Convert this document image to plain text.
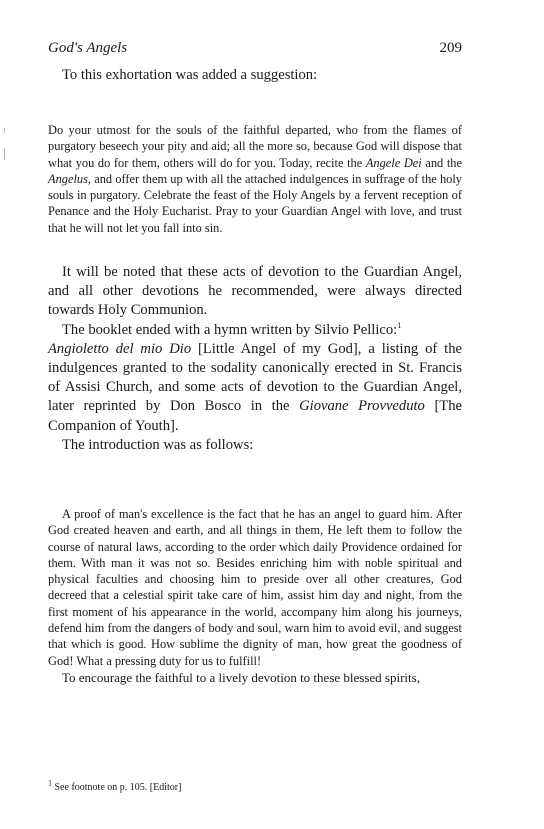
God's Angels	209

To this exhortation was added a suggestion:

Do your utmost for the souls of the faithful departed, who from the flames of purgatory beseech your pity and aid; all the more so, because God will dispose that what you do for them, others will do for you. Today, recite the Angele Dei and the Angelus, and offer them up with all the attached indulgences in suffrage of the holy souls in purgatory. Celebrate the feast of the Holy Angels by a fervent reception of Penance and the Holy Eucharist. Pray to your Guardian Angel with love, and trust that he will not let you fall into sin.

It will be noted that these acts of devotion to the Guardian Angel, and all other devotions he recommended, were always directed towards Holy Communion.

The booklet ended with a hymn written by Silvio Pellico:$^1$
Angioletto del mio Dio [Little Angel of my God], a listing of the indulgences granted to the sodality canonically erected in St. Francis of Assisi Church, and some acts of devotion to the Guardian Angel, later reprinted by Don Bosco in the Giovane Provveduto [The Companion of Youth].

The introduction was as follows:

A proof of man's excellence is the fact that he has an angel to guard him. After God created heaven and earth, and all things in them, He left them to follow the course of natural laws, according to the order which daily Providence ordained for them. With man it was not so. Besides enriching him with noble spiritual and physical faculties and choosing him to preside over all other creatures, God decreed that a celestial spirit take care of him, assist him day and night, from the first moment of his appearance in the world, accompany him along his journeys, defend him from the dangers of body and soul, warn him to avoid evil, and suggest that which is good. How sublime the dignity of man, how great the goodness of God! What a pressing duty for us to fulfill!

To encourage the faithful to a lively devotion to these blessed spirits,

$^1$ See footnote on p. 105. [Editor]
